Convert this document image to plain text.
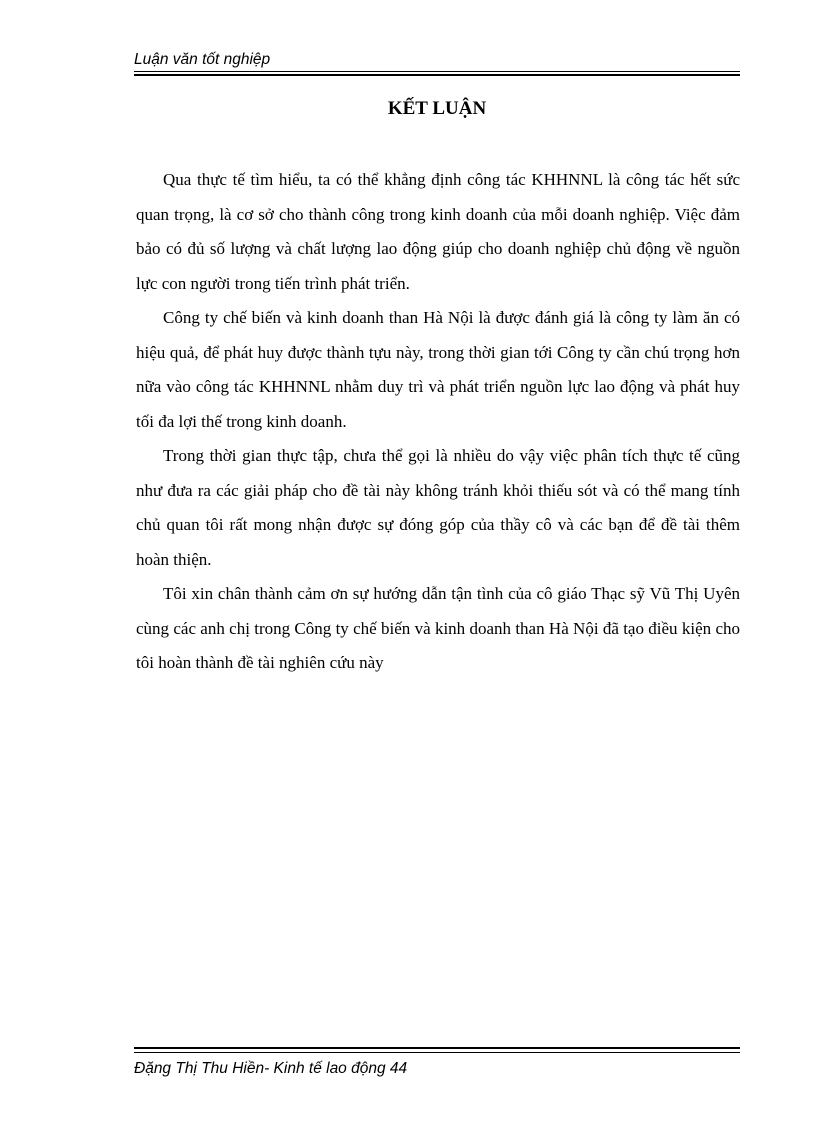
Luận văn tốt nghiệp
KẾT LUẬN

Qua thực tế tìm hiểu, ta có thể khẳng định công tác KHHNNL là công tác hết sức quan trọng, là cơ sở cho thành công trong kinh doanh của mỗi doanh nghiệp. Việc đảm bảo có đủ số lượng và chất lượng lao động giúp cho doanh nghiệp chủ động về nguồn lực con người trong tiến trình phát triển.

Công ty chế biến và kinh doanh than Hà Nội là được đánh giá là công ty làm ăn có hiệu quả, để phát huy được thành tựu này, trong thời gian tới Công ty cần chú trọng hơn nữa vào công tác KHHNNL nhằm duy trì và phát triển nguồn lực lao động và phát huy tối đa lợi thế trong kinh doanh.

Trong thời gian thực tập, chưa thể gọi là nhiều do vậy việc phân tích thực tế cũng như đưa ra các giải pháp cho đề tài này không tránh khỏi thiếu sót và có thể mang tính chủ quan tôi rất mong nhận được sự đóng góp của thầy cô và các bạn để đề tài thêm hoàn thiện.

Tôi xin chân thành cảm ơn sự hướng dẫn tận tình của cô giáo Thạc sỹ Vũ Thị Uyên cùng các anh chị trong Công ty chế biến và kinh doanh than Hà Nội đã tạo điều kiện cho tôi hoàn thành đề tài nghiên cứu này

Đặng Thị Thu Hiền- Kinh tế lao động 44
